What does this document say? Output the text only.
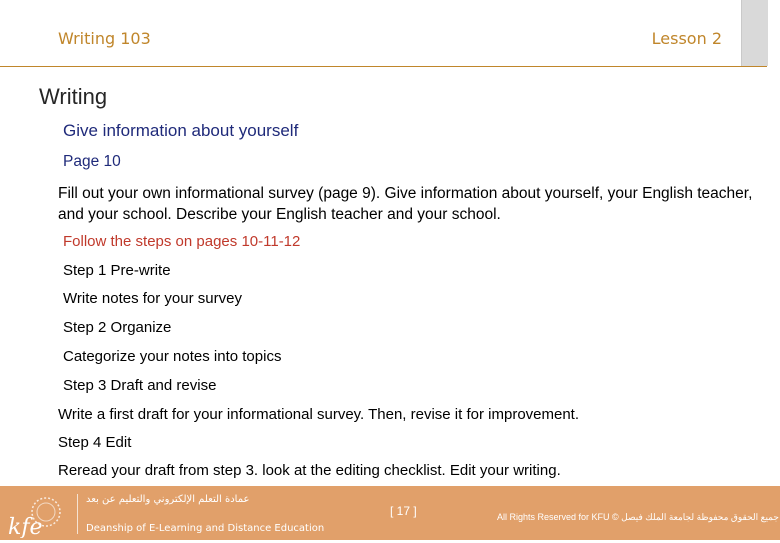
Writing 103	Lesson 2
Writing
Give information about yourself
Page 10
Fill out your own informational survey (page 9). Give information about yourself, your English teacher, and your school. Describe your English teacher and your school.
Follow the steps on pages 10-11-12
Step 1 Pre-write
Write notes for your survey
Step 2 Organize
Categorize your notes into topics
Step 3 Draft and revise
Write a first draft for your informational survey. Then, revise it for improvement.
Step 4 Edit
Reread your draft from step 3. look at the editing checklist. Edit your writing.
kfe
عمادة التعلم الإلكتروني والتعليم عن بعد
Deanship of E-Learning and Distance Education
[ 17 ]	All Rights Reserved for KFU © جميع الحقوق محفوظة لجامعة الملك فيصل
